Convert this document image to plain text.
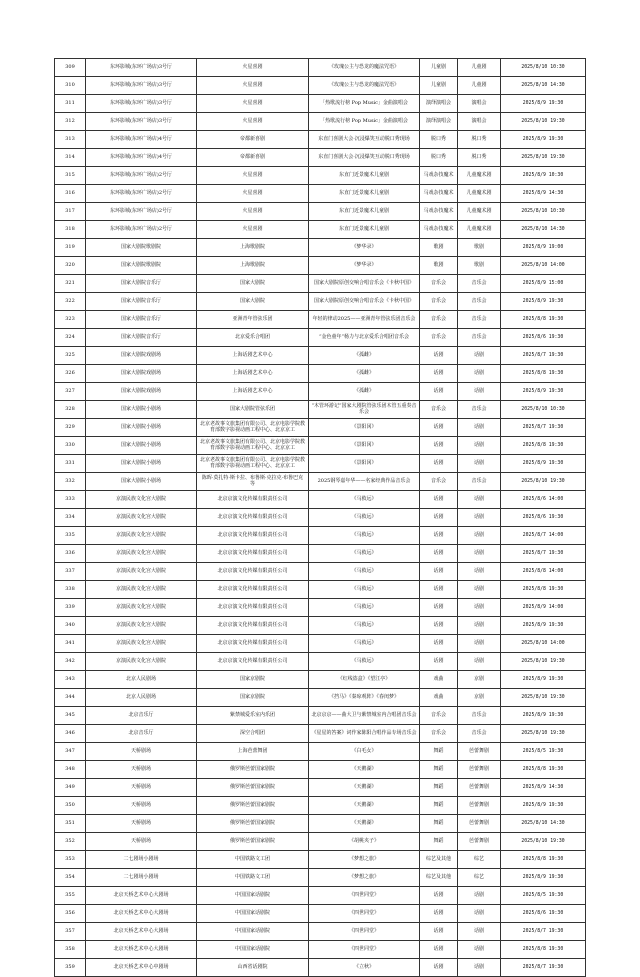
309	东环影城(东环广场店)3号厅	火星喜剧	《玫瑰公主与恐龙的魔法咒语》	儿童剧	儿童剧	2025/8/10 10:30
310	东环影城(东环广场店)3号厅	火星喜剧	《玫瑰公主与恐龙的魔法咒语》	儿童剧	儿童剧	2025/8/10 14:30
311	东环影城(东环广场店)3号厅	火星喜剧	「热歌流行榜 Pop Music」金曲演唱会	演绎演唱会	演唱会	2025/8/9 19:30
312	东环影城(东环广场店)3号厅	火星喜剧	「热歌流行榜 Pop Music」金曲演唱会	演绎演唱会	演唱会	2025/8/10 19:30
313	东环影城(东环广场店)4号厅	帝都新喜剧	东直门喜剧大会·沉浸爆笑互动脱口秀现场	脱口秀	脱口秀	2025/8/9 19:30
314	东环影城(东环广场店)4号厅	帝都新喜剧	东直门喜剧大会·沉浸爆笑互动脱口秀现场	脱口秀	脱口秀	2025/8/10 19:30
315	东环影城(东环广场店)2号厅	火星喜剧	东直门近景魔术儿童剧	马戏杂技魔术	儿童魔术剧	2025/8/9 10:30
316	东环影城(东环广场店)2号厅	火星喜剧	东直门近景魔术儿童剧	马戏杂技魔术	儿童魔术剧	2025/8/9 14:30
317	东环影城(东环广场店)2号厅	火星喜剧	东直门近景魔术儿童剧	马戏杂技魔术	儿童魔术剧	2025/8/10 10:30
318	东环影城(东环广场店)2号厅	火星喜剧	东直门近景魔术儿童剧	马戏杂技魔术	儿童魔术剧	2025/8/10 14:30
319	国家大剧院歌剧院	上海歌剧院	《梦华录》	歌剧	歌剧	2025/8/9 19:00
320	国家大剧院歌剧院	上海歌剧院	《梦华录》	歌剧	歌剧	2025/8/10 14:00
321	国家大剧院音乐厅	国家大剧院	国家大剧院原创交响合唱音乐会《卡秋中国》	音乐会	音乐会	2025/8/9 15:00
322	国家大剧院音乐厅	国家大剧院	国家大剧院原创交响合唱音乐会《卡秋中国》	音乐会	音乐会	2025/8/9 19:30
323	国家大剧院音乐厅	亚洲青年管弦乐团	年轻的律动2025——亚洲青年管弦乐团音乐会	音乐会	音乐会	2025/8/8 19:30
324	国家大剧院音乐厅	北京爱乐合唱团	“金色童年”杨力与北京爱乐合唱团音乐会	音乐会	音乐会	2025/8/6 19:30
325	国家大剧院戏剧场	上海话剧艺术中心	《孤雌》	话剧	话剧	2025/8/7 19:30
326	国家大剧院戏剧场	上海话剧艺术中心	《孤雌》	话剧	话剧	2025/8/8 19:30
327	国家大剧院戏剧场	上海话剧艺术中心	《孤雌》	话剧	话剧	2025/8/9 19:30
328	国家大剧院小剧场	国家大剧院管弦乐团	“木管环游记”国家大剧院管弦乐团木管五重奏音乐会	音乐会	音乐会	2025/8/10 10:30
329	国家大剧院小剧场	北京老故事文旅集团有限公司、北京电影学院教育部数字影视动画工程中心、北京京工	《景阳冈》	话剧	话剧	2025/8/7 19:30
330	国家大剧院小剧场	北京老故事文旅集团有限公司、北京电影学院教育部数字影视动画工程中心、北京京工	《景阳冈》	话剧	话剧	2025/8/8 19:30
331	国家大剧院小剧场	北京老故事文旅集团有限公司、北京电影学院教育部数字影视动画工程中心、北京京工	《景阳冈》	话剧	话剧	2025/8/9 19:30
332	国家大剧院小剧场	陈晖·莫扎特·斯卡拉、布鲁斯·克拉克·布鲁巴克 等	2025钢琴嘉年华——名家经典作品音乐会	音乐会	音乐会	2025/8/10 19:30
333	京演民族文化宫大剧院	北京京演文化传媒有限责任公司	《马救远》	话剧	话剧	2025/8/6 14:00
334	京演民族文化宫大剧院	北京京演文化传媒有限责任公司	《马救远》	话剧	话剧	2025/8/6 19:30
335	京演民族文化宫大剧院	北京京演文化传媒有限责任公司	《马救远》	话剧	话剧	2025/8/7 14:00
336	京演民族文化宫大剧院	北京京演文化传媒有限责任公司	《马救远》	话剧	话剧	2025/8/7 19:30
337	京演民族文化宫大剧院	北京京演文化传媒有限责任公司	《马救远》	话剧	话剧	2025/8/8 14:00
338	京演民族文化宫大剧院	北京京演文化传媒有限责任公司	《马救远》	话剧	话剧	2025/8/8 19:30
339	京演民族文化宫大剧院	北京京演文化传媒有限责任公司	《马救远》	话剧	话剧	2025/8/9 14:00
340	京演民族文化宫大剧院	北京京演文化传媒有限责任公司	《马救远》	话剧	话剧	2025/8/9 19:30
341	京演民族文化宫大剧院	北京京演文化传媒有限责任公司	《马救远》	话剧	话剧	2025/8/10 14:00
342	京演民族文化宫大剧院	北京京演文化传媒有限责任公司	《马救远》	话剧	话剧	2025/8/10 19:30
343	北京人民剧场	国家京剧院	《红线盗盒》《望江亭》	戏曲	京剧	2025/8/9 19:30
344	北京人民剧场	国家京剧院	《挡马》《秦琼观阵》《春闺梦》	戏曲	京剧	2025/8/10 19:30
345	北京音乐厅	紫禁城爱乐室内乐团	北京京京——曲大卫与紫禁城室内合唱团音乐会	音乐会	音乐会	2025/8/9 19:30
346	北京音乐厅	深空合唱团	《星星的答案》词作家陈阳合唱作品专场音乐会	音乐会	音乐会	2025/8/10 19:30
347	天桥剧场	上海芭蕾舞团	《白毛女》	舞蹈	芭蕾舞剧	2025/8/5 19:30
348	天桥剧场	俄罗斯芭蕾国家剧院	《天鹅湖》	舞蹈	芭蕾舞剧	2025/8/8 19:30
349	天桥剧场	俄罗斯芭蕾国家剧院	《天鹅湖》	舞蹈	芭蕾舞剧	2025/8/9 14:30
350	天桥剧场	俄罗斯芭蕾国家剧院	《天鹅湖》	舞蹈	芭蕾舞剧	2025/8/9 19:30
351	天桥剧场	俄罗斯芭蕾国家剧院	《天鹅湖》	舞蹈	芭蕾舞剧	2025/8/10 14:30
352	天桥剧场	俄罗斯芭蕾国家剧院	《胡桃夹子》	舞蹈	芭蕾舞剧	2025/8/10 19:30
353	二七剧场小剧场	中国铁路文工团	《梦想之旅》	综艺及其他	综艺	2025/8/8 19:30
354	二七剧场小剧场	中国铁路文工团	《梦想之旅》	综艺及其他	综艺	2025/8/9 19:30
355	北京天桥艺术中心大剧场	中国国家话剧院	《四世同堂》	话剧	话剧	2025/8/5 19:30
356	北京天桥艺术中心大剧场	中国国家话剧院	《四世同堂》	话剧	话剧	2025/8/6 19:30
357	北京天桥艺术中心大剧场	中国国家话剧院	《四世同堂》	话剧	话剧	2025/8/7 19:30
358	北京天桥艺术中心大剧场	中国国家话剧院	《四世同堂》	话剧	话剧	2025/8/8 19:30
359	北京天桥艺术中心中剧场	山西省话剧院	《立秋》	话剧	话剧	2025/8/7 19:30
